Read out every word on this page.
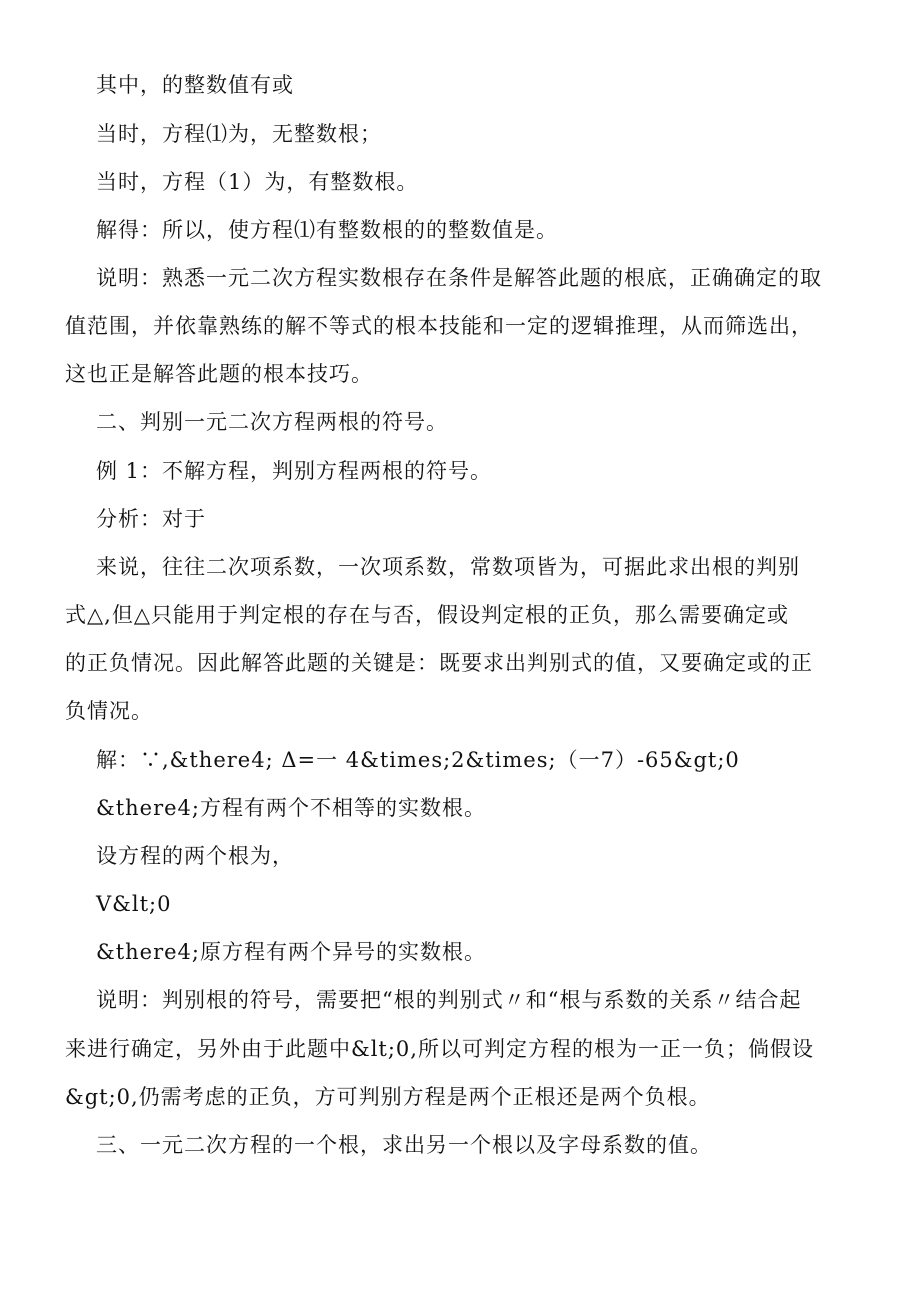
其中，的整数值有或
当时，方程⑴为，无整数根；
当时，方程（1）为，有整数根。
解得：所以，使方程⑴有整数根的的整数值是。
说明：熟悉一元二次方程实数根存在条件是解答此题的根底，正确确定的取
值范围，并依靠熟练的解不等式的根本技能和一定的逻辑推理，从而筛选出，
这也正是解答此题的根本技巧。
二、判别一元二次方程两根的符号。
例 1：不解方程，判别方程两根的符号。
分析：对于
来说，往往二次项系数，一次项系数，常数项皆为，可据此求出根的判别
式△,但△只能用于判定根的存在与否，假设判定根的正负，那么需要确定或
的正负情况。因此解答此题的关键是：既要求出判别式的值，又要确定或的正
负情况。
解：∵,&there4; Δ=一 4&times;2&times;（一7）-65&gt;0
&there4;方程有两个不相等的实数根。
设方程的两个根为，
V&lt;0
&there4;原方程有两个异号的实数根。
说明：判别根的符号，需要把“根的判别式〃和“根与系数的关系〃结合起
来进行确定，另外由于此题中&lt;0,所以可判定方程的根为一正一负；倘假设
&gt;0,仍需考虑的正负，方可判别方程是两个正根还是两个负根。
三、一元二次方程的一个根，求出另一个根以及字母系数的值。
